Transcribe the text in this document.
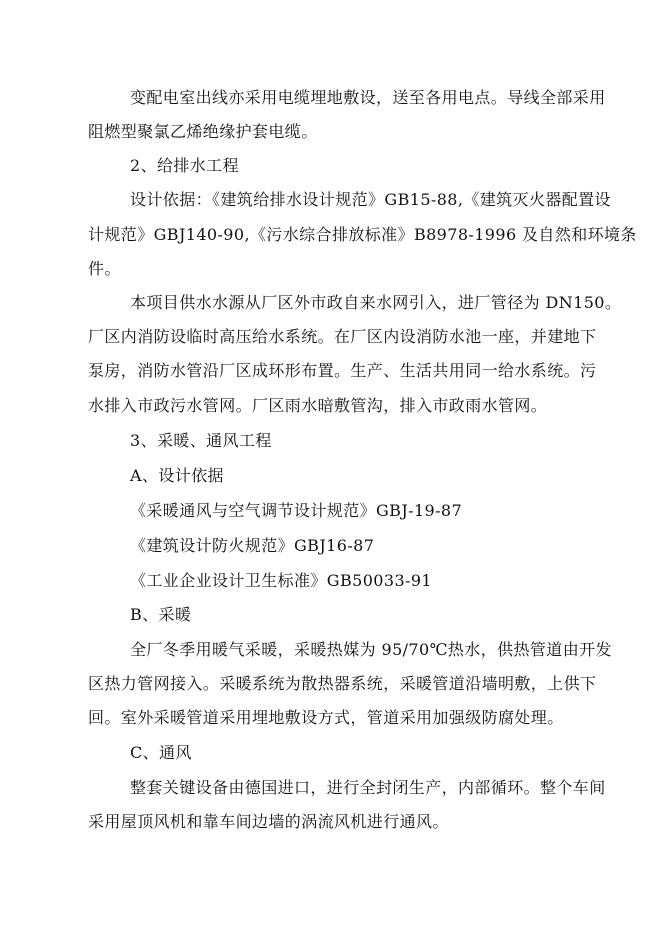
变配电室出线亦采用电缆埋地敷设，送至各用电点。导线全部采用
阻燃型聚氯乙烯绝缘护套电缆。
2、给排水工程
设计依据：《建筑给排水设计规范》GB15-88,《建筑灭火器配置设
计规范》GBJ140-90,《污水综合排放标准》B8978-1996 及自然和环境条
件。
本项目供水水源从厂区外市政自来水网引入，进厂管径为 DN150。
厂区内消防设临时高压给水系统。在厂区内设消防水池一座，并建地下
泵房，消防水管沿厂区成环形布置。生产、生活共用同一给水系统。污
水排入市政污水管网。厂区雨水暗敷管沟，排入市政雨水管网。
3、采暖、通风工程
A、设计依据
《采暖通风与空气调节设计规范》GBJ-19-87
《建筑设计防火规范》GBJ16-87
《工业企业设计卫生标准》GB50033-91
B、采暖
全厂冬季用暖气采暖，采暖热媒为 95/70℃热水，供热管道由开发
区热力管网接入。采暖系统为散热器系统，采暖管道沿墙明敷，上供下
回。室外采暖管道采用埋地敷设方式，管道采用加强级防腐处理。
C、通风
整套关键设备由德国进口，进行全封闭生产，内部循环。整个车间
采用屋顶风机和靠车间边墙的涡流风机进行通风。
